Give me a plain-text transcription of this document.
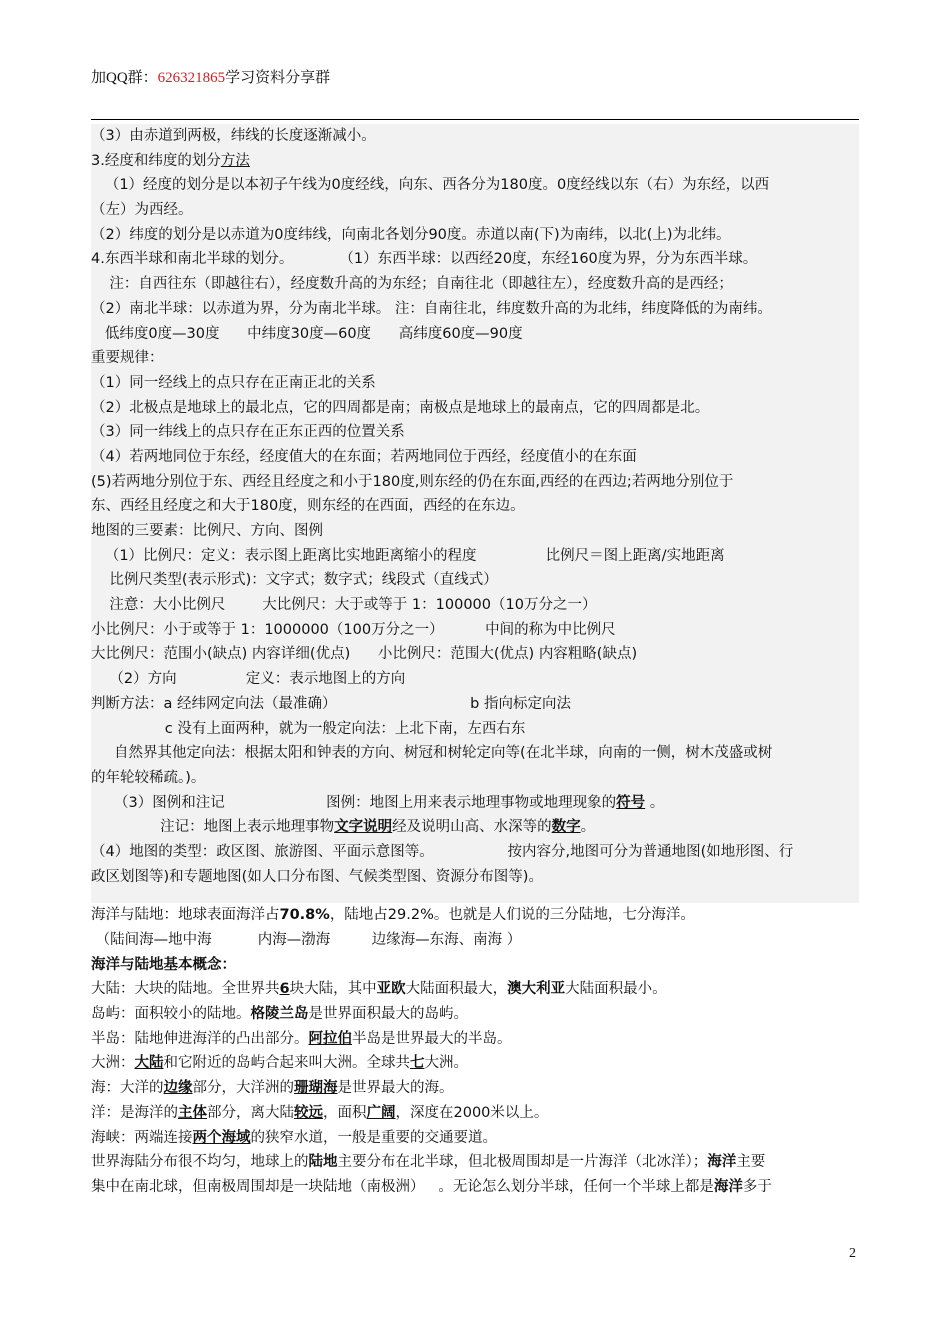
加QQ群：626321865学习资料分享群
（3）由赤道到两极，纬线的长度逐渐减小。
3.经度和纬度的划分方法
（1）经度的划分是以本初子午线为0度经线，向东、西各分为180度。0度经线以东（右）为东经，以西
（左）为西经。
（2）纬度的划分是以赤道为0度纬线，向南北各划分90度。赤道以南(下)为南纬，以北(上)为北纬。
4.东西半球和南北半球的划分。          （1）东西半球：以西经20度，东经160度为界，分为东西半球。
注：自西往东（即越往右），经度数升高的为东经；自南往北（即越往左），经度数升高的是西经；
（2）南北半球：以赤道为界，分为南北半球。 注：自南往北，纬度数升高的为北纬，纬度降低的为南纬。
低纬度0度—30度      中纬度30度—60度      高纬度60度—90度
重要规律：
（1）同一经线上的点只存在正南正北的关系
（2）北极点是地球上的最北点，它的四周都是南；南极点是地球上的最南点，它的四周都是北。
（3）同一纬线上的点只存在正东正西的位置关系
（4）若两地同位于东经，经度值大的在东面；若两地同位于西经，经度值小的在东面
(5)若两地分别位于东、西经且经度之和小于180度,则东经的仍在东面,西经的在西边;若两地分别位于
东、西经且经度之和大于180度，则东经的在西面，西经的在东边。
地图的三要素：比例尺、方向、图例
（1）比例尺：定义：表示图上距离比实地距离缩小的程度               比例尺＝图上距离/实地距离
比例尺类型(表示形式)：文字式；数字式；线段式（直线式）
注意：大小比例尺        大比例尺：大于或等于 1：100000（10万分之一）
小比例尺：小于或等于 1：1000000（100万分之一）         中间的称为中比例尺
大比例尺：范围小(缺点) 内容详细(优点)      小比例尺：范围大(优点) 内容粗略(缺点)
（2）方向               定义：表示地图上的方向
判断方法：a 经纬网定向法（最准确）                             b 指向标定向法
c 没有上面两种，就为一般定向法：上北下南，左西右东
自然界其他定向法：根据太阳和钟表的方向、树冠和树轮定向等(在北半球，向南的一侧，树木茂盛或树
的年轮较稀疏。)。
（3）图例和注记                      图例：地图上用来表示地理事物或地理现象的符号 。
注记：地图上表示地理事物文字说明经及说明山高、水深等的数字。
（4）地图的类型：政区图、旅游图、平面示意图等。                按内容分,地图可分为普通地图(如地形图、行
政区划图等)和专题地图(如人口分布图、气候类型图、资源分布图等)。
海洋与陆地：地球表面海洋占70.8%，陆地占29.2%。也就是人们说的三分陆地，七分海洋。
（陆间海—地中海          内海—渤海         边缘海—东海、南海 ）
海洋与陆地基本概念：
大陆：大块的陆地。全世界共6块大陆，其中亚欧大陆面积最大，澳大利亚大陆面积最小。
岛屿：面积较小的陆地。格陵兰岛是世界面积最大的岛屿。
半岛：陆地伸进海洋的凸出部分。阿拉伯半岛是世界最大的半岛。
大洲：大陆和它附近的岛屿合起来叫大洲。全球共七大洲。
海：大洋的边缘部分，大洋洲的珊瑚海是世界最大的海。
洋：是海洋的主体部分，离大陆较远，面积广阔，深度在2000米以上。
海峡：两端连接两个海域的狭窄水道，一般是重要的交通要道。
世界海陆分布很不均匀，地球上的陆地主要分布在北半球，但北极周围却是一片海洋（北冰洋）；海洋主要
集中在南北球，但南极周围却是一块陆地（南极洲）   。无论怎么划分半球，任何一个半球上都是海洋多于
2
